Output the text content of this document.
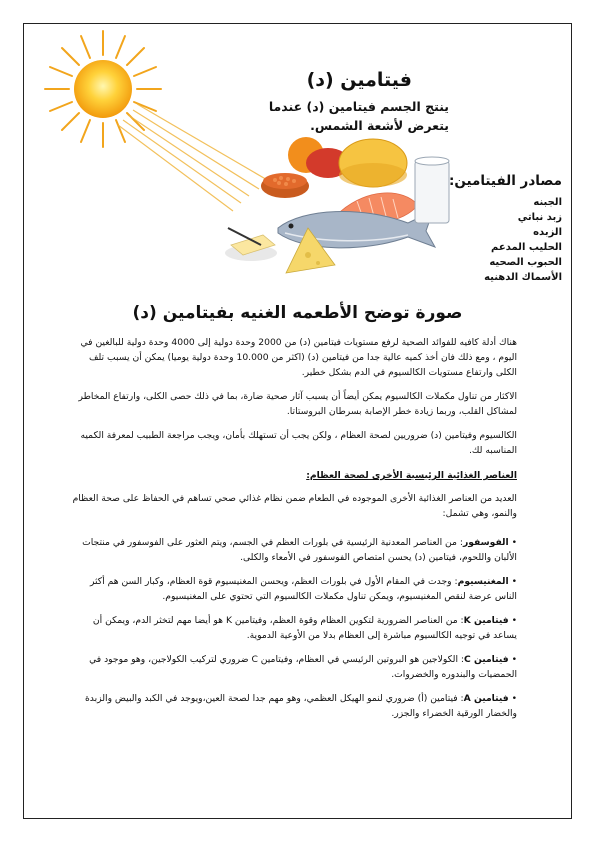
فيتامين (د)
ينتج الجسم فيتامين (د) عندما يتعرض لأشعة الشمس.
مصادر الفيتامين:
الجبنه
زبد نباتي
الزبده
الحليب المدعم
الحبوب الصحيه
الأسماك الدهنيه
صورة توضح الأطعمه الغنيه بفيتامين (د)

هناك أدلة كافيه للفوائد الصحية لرفع مستويات فيتامين (د) من 2000 وحدة دولية إلى 4000 وحدة دولية للبالغين في اليوم ، ومع ذلك فان أخذ كميه عالية جدا من فيتامين (د) (اكثر من 10.000 وحدة دولية يوميا) يمكن أن يسبب تلف الكلى وارتفاع مستويات الكالسيوم في الدم بشكل خطير.

الاكثار من تناول مكملات الكالسيوم يمكن أيضاً أن يسبب آثار صحية ضارة، بما في ذلك حصى الكلى، وارتفاع المخاطر لمشاكل القلب، وربما زيادة خطر الإصابة بسرطان البروستاتا.

الكالسيوم وفيتامين (د) ضروريين لصحة العظام ، ولكن يجب أن تستهلك بأمان، ويجب مراجعة الطبيب لمعرفة الكميه المناسبه لك.

العناصر الغذائية الرئيسية الأخرى لصحة العظام:

العديد من العناصر الغذائية الأخرى الموجوده في الطعام ضمن نظام غذائي صحي تساهم في الحفاظ على صحة العظام والنمو، وهي تشمل:

• الفوسفور: من العناصر المعدنية الرئيسية في بلورات العظم في الجسم، ويتم العثور على الفوسفور في منتجات الألبان واللحوم، فيتامين (د) يحسن امتصاص الفوسفور في الأمعاء والكلى.

• المغنيسيوم: وجدت في المقام الأول في بلورات العظم، ويحسن المغنيسيوم قوة العظام، وكبار السن هم أكثر الناس عرضة لنقص المغنيسيوم، ويمكن تناول مكملات الكالسيوم التي تحتوي على المغنيسيوم.

• فيتامين K: من العناصر الضرورية لتكوين العظام وقوة العظم، وفيتامين K هو أيضا مهم لتخثر الدم، ويمكن أن يساعد في توجيه الكالسيوم مباشرة إلى العظام بدلا من الأوعية الدموية.

• فيتامين C: الكولاجين هو البروتين الرئيسي في العظام، وفيتامين C ضروري لتركيب الكولاجين، وهو موجود في الحمضيات والبندوره والخضروات.

• فيتامين A: فيتامين (أ) ضروري لنمو الهيكل العظمي، وهو مهم جدا لصحة العين،ويوجد في الكبد والبيض والزبدة والخضار الورقية الخضراء والجزر.
